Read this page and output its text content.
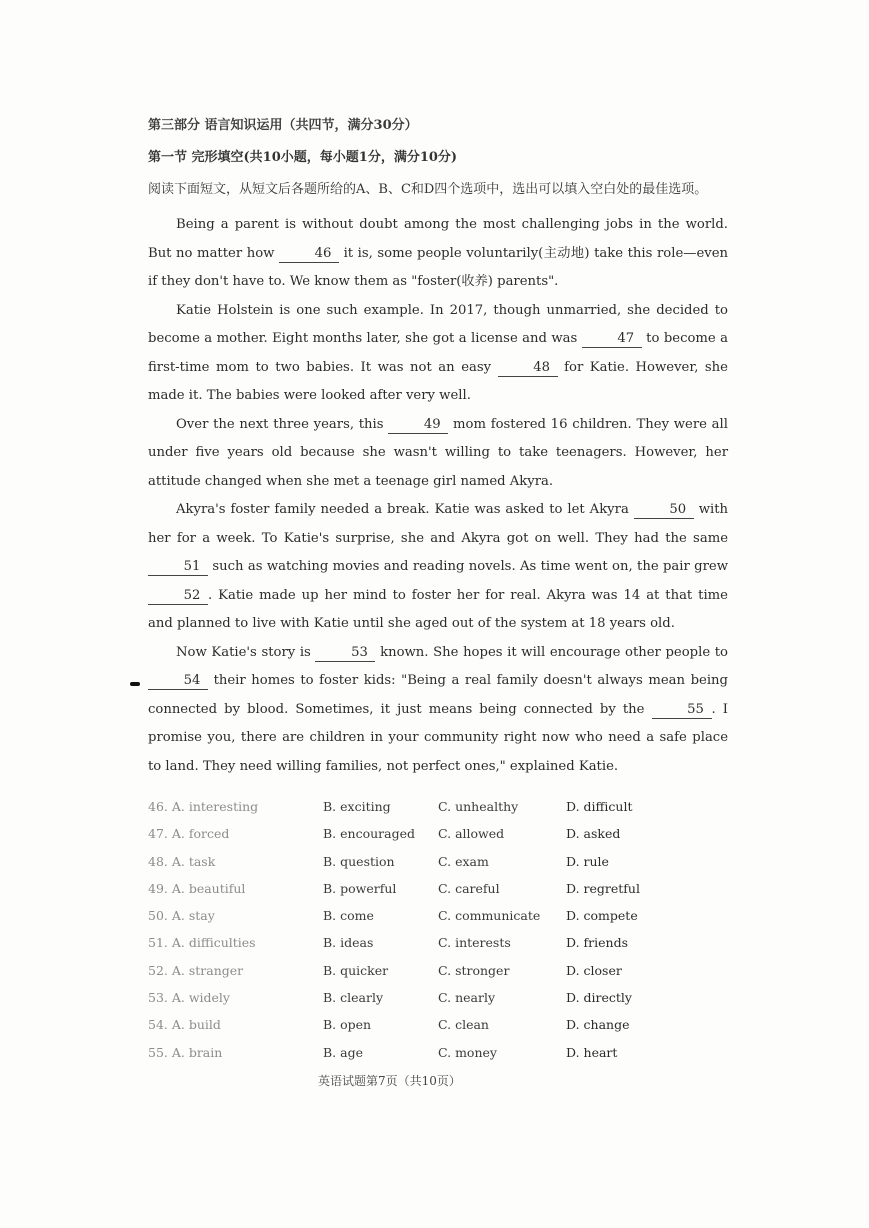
第三部分 语言知识运用（共四节，满分30分）
第一节 完形填空(共10小题，每小题1分，满分10分)
阅读下面短文，从短文后各题所给的A、B、C和D四个选项中，选出可以填入空白处的最佳选项。

Being a parent is without doubt among the most challenging jobs in the world. But no matter how	46 it is, some people voluntarily(主动地) take this role—even if they don't have to. We know them as "foster(收养) parents".

Katie Holstein is one such example. In 2017, though unmarried, she decided to become a mother. Eight months later, she got a license and was	47 to become a first-time mom to two babies. It was not an easy	48 for Katie. However, she made it. The babies were looked after very well.

Over the next three years, this	49 mom fostered 16 children. They were all under five years old because she wasn't willing to take teenagers. However, her attitude changed when she met a teenage girl named Akyra.

Akyra's foster family needed a break. Katie was asked to let Akyra	50 with her for a week. To Katie's surprise, she and Akyra got on well. They had the same 51 such as watching movies and reading novels. As time went on, the pair grew 52 . Katie made up her mind to foster her for real. Akyra was 14 at that time and planned to live with Katie until she aged out of the system at 18 years old.

Now Katie's story is	53 known. She hopes it will encourage other people to 54 their homes to foster kids: "Being a real family doesn't always mean being connected by blood. Sometimes, it just means being connected by the	55 . I promise you, there are children in your community right now who need a safe place to land. They need willing families, not perfect ones," explained Katie.

46. A. interesting	B. exciting	C. unhealthy	D. difficult
47. A. forced	B. encouraged	C. allowed	D. asked
48. A. task	B. question	C. exam	D. rule
49. A. beautiful	B. powerful	C. careful	D. regretful
50. A. stay	B. come	C. communicate	D. compete
51. A. difficulties	B. ideas	C. interests	D. friends
52. A. stranger	B. quicker	C. stronger	D. closer
53. A. widely	B. clearly	C. nearly	D. directly
54. A. build	B. open	C. clean	D. change
55. A. brain	B. age	C. money	D. heart
英语试题第7页（共10页）
